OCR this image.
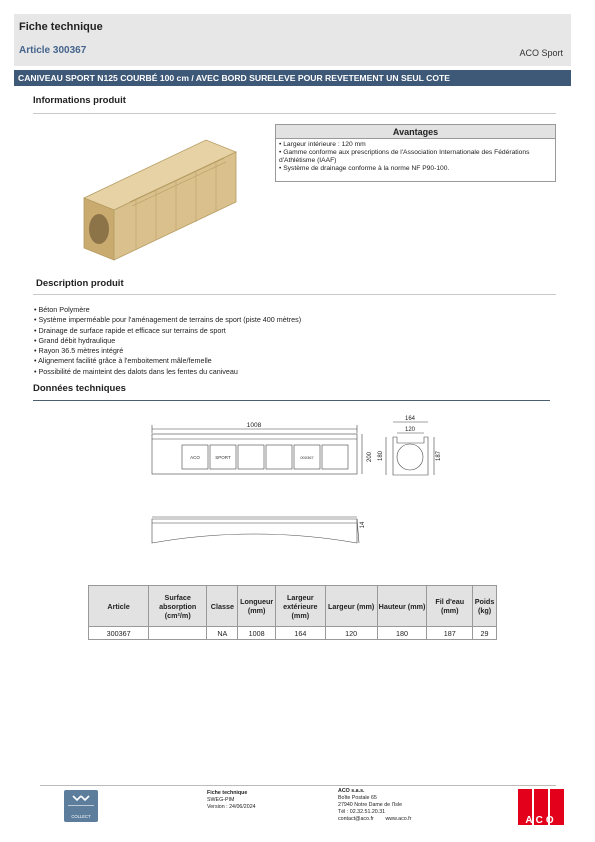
Fiche technique
Article 300367	ACO Sport
CANIVEAU SPORT N125 COURBÉ 100 cm / AVEC BORD SURELEVE POUR REVETEMENT UN SEUL COTE
Informations produit
Avantages
• Largeur intérieure : 120 mm
• Gamme conforme aux prescriptions de l'Association Internationale des Fédérations d'Athlétisme (IAAF)
• Système de drainage conforme à la norme NF P90-100.
Description produit
• Béton Polymère
• Système imperméable pour l'aménagement de terrains de sport (piste 400 mètres)
• Drainage de surface rapide et efficace sur terrains de sport
• Grand débit hydraulique
• Rayon 36.5 mètres intégré
• Alignement facilité grâce à l'emboitement mâle/femelle
• Possibilité de mainteint des dalots dans les fentes du caniveau
Données techniques
1008
200
ACO	SPORT	000367
164
120
180	187
14
Article	Surface absorption (cm²/m)	Classe	Longueur (mm)	Largeur extérieure (mm)	Largeur (mm)	Hauteur (mm)	Fil d'eau (mm)	Poids (kg)
300367		NA	1008	164	120	180	187	29
COLLECT
Fiche technique
SWEG-PIM
Version : 24/06/2024
ACO s.a.s.
Boîte Postale 65
27940 Notre Dame de l'Isle
Tél : 02.32.51.20.31
contact@aco.fr        www.aco.fr	ACO
